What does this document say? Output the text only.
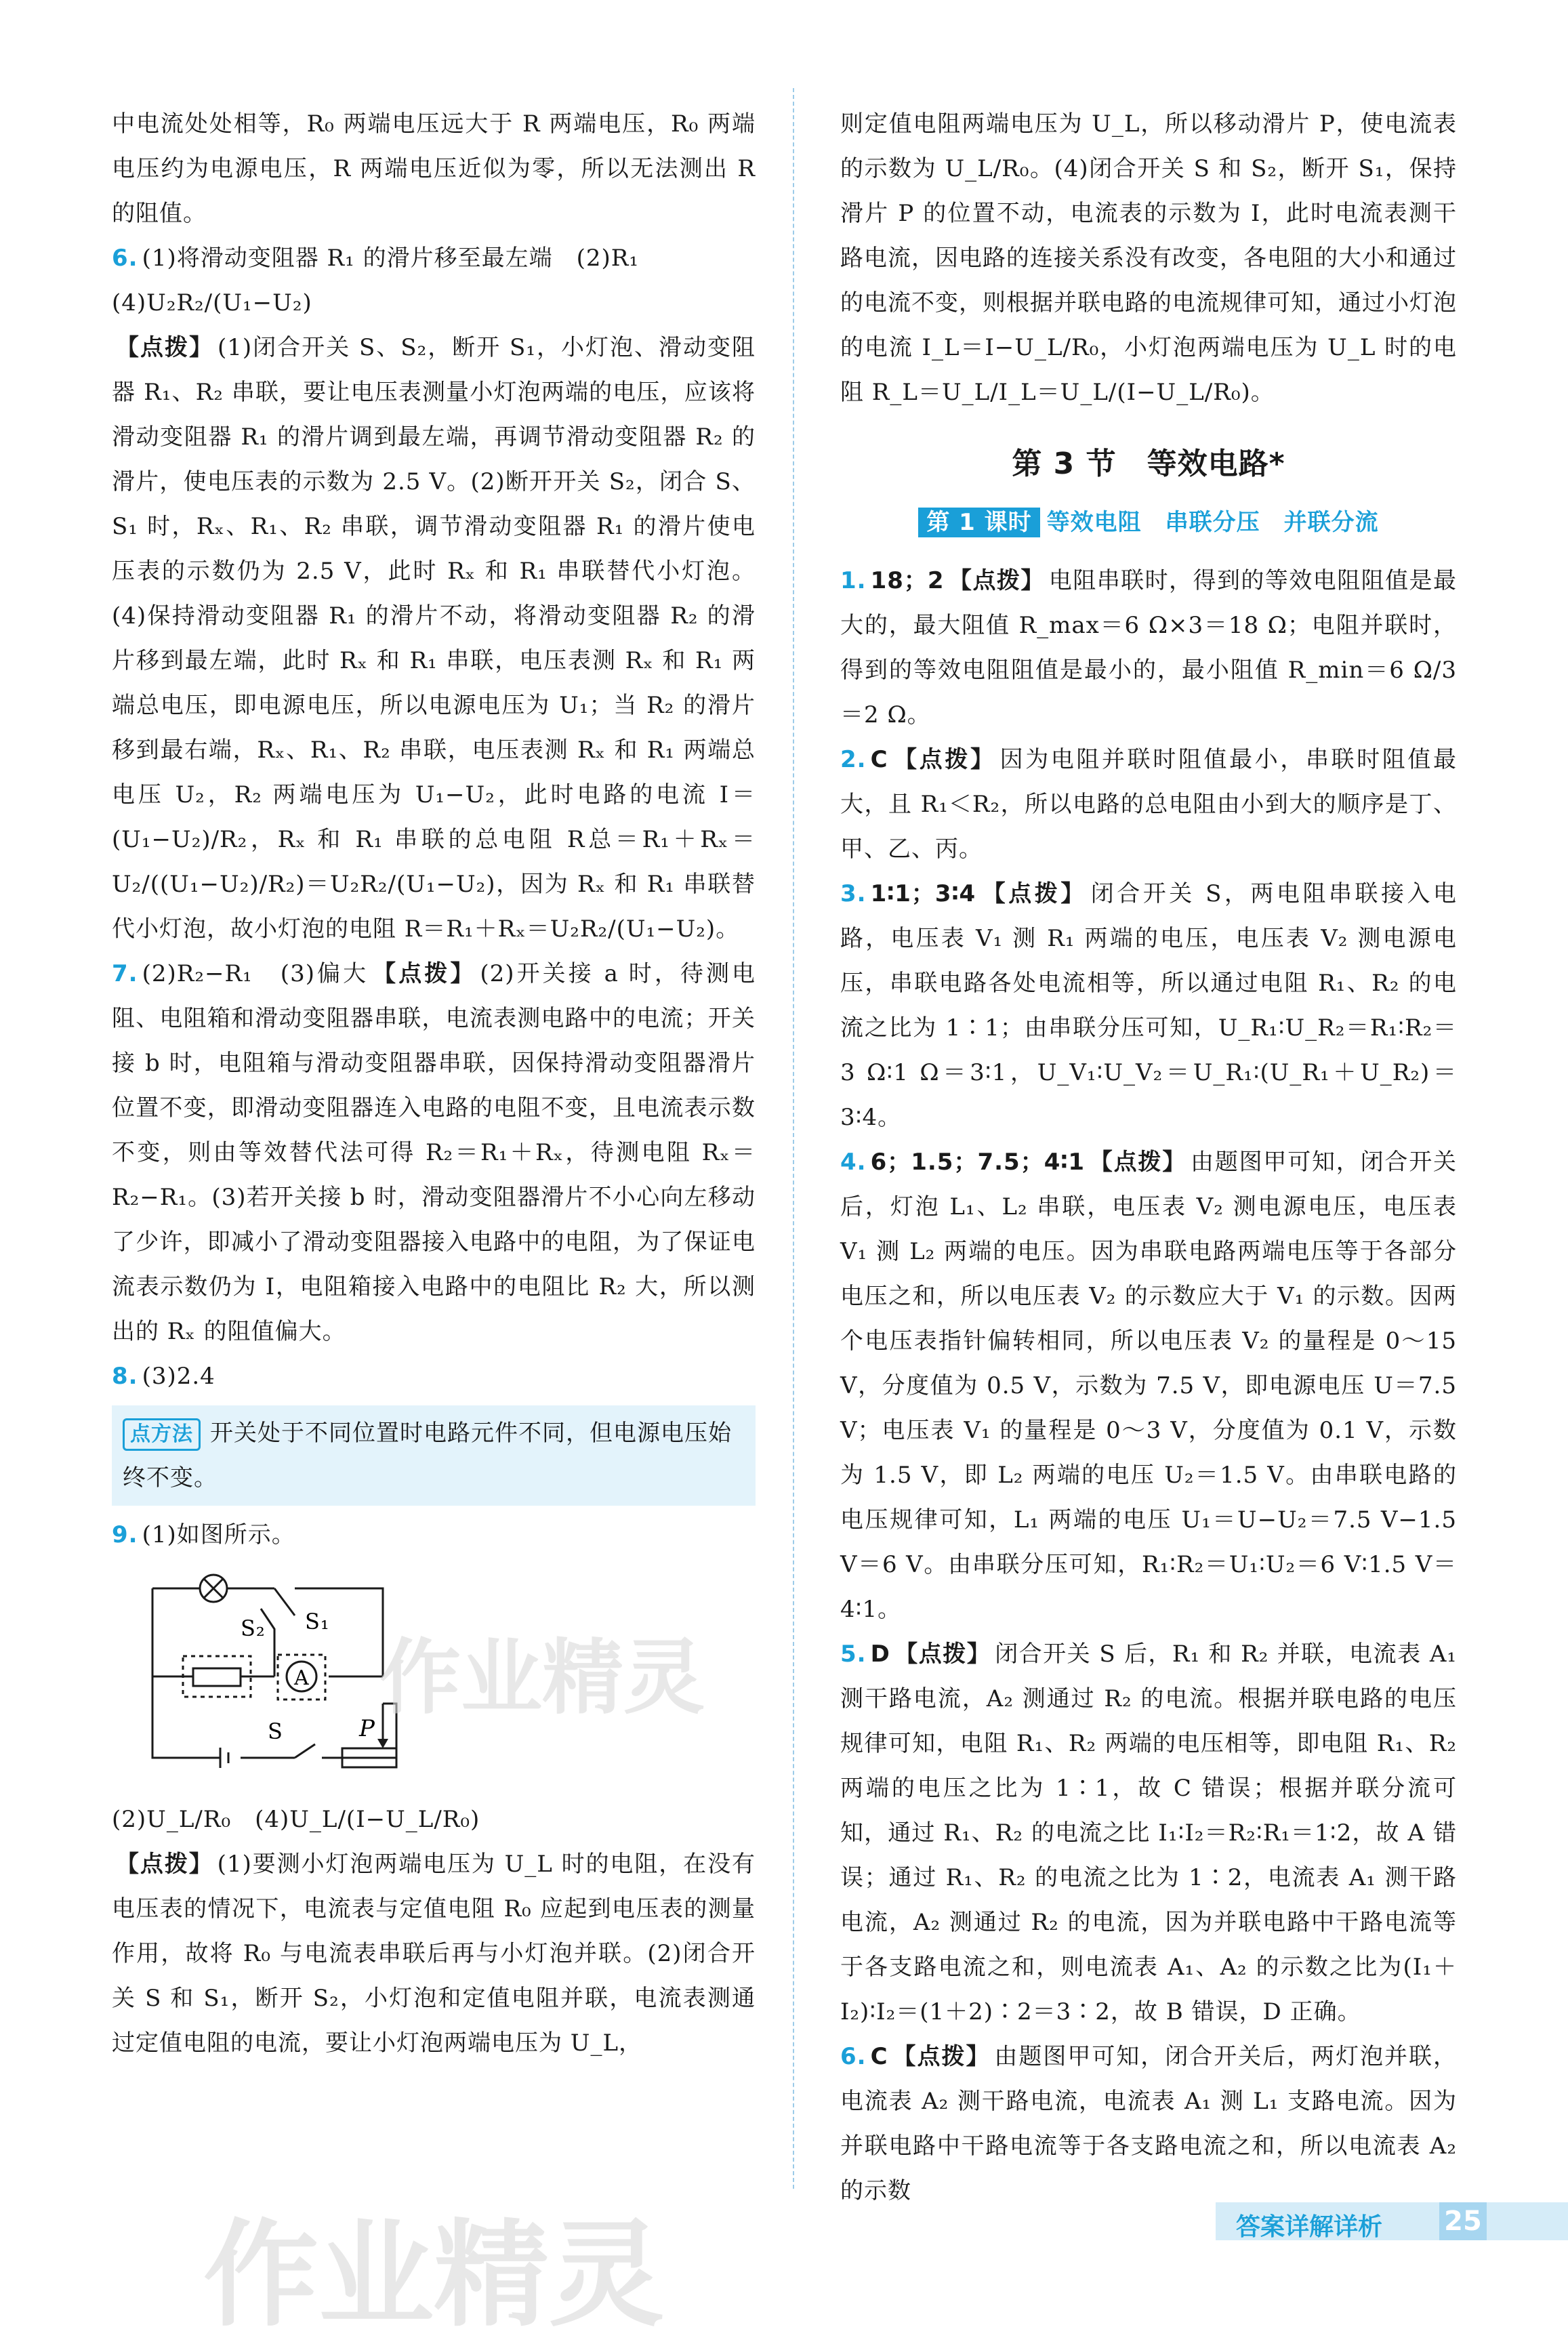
中电流处处相等，R₀ 两端电压远大于 R 两端电压，R₀ 两端电压约为电源电压，R 两端电压近似为零，所以无法测出 R 的阻值。

6. (1)将滑动变阻器 R₁ 的滑片移至最左端　(2)R₁

(4)U₂R₂/(U₁−U₂)

【点拨】 (1)闭合开关 S、S₂，断开 S₁，小灯泡、滑动变阻器 R₁、R₂ 串联，要让电压表测量小灯泡两端的电压，应该将滑动变阻器 R₁ 的滑片调到最左端，再调节滑动变阻器 R₂ 的滑片，使电压表的示数为 2.5 V。(2)断开开关 S₂，闭合 S、S₁ 时，Rₓ、R₁、R₂ 串联，调节滑动变阻器 R₁ 的滑片使电压表的示数仍为 2.5 V，此时 Rₓ 和 R₁ 串联替代小灯泡。(4)保持滑动变阻器 R₁ 的滑片不动，将滑动变阻器 R₂ 的滑片移到最左端，此时 Rₓ 和 R₁ 串联，电压表测 Rₓ 和 R₁ 两端总电压，即电源电压，所以电源电压为 U₁；当 R₂ 的滑片移到最右端，Rₓ、R₁、R₂ 串联，电压表测 Rₓ 和 R₁ 两端总电压 U₂，R₂ 两端电压为 U₁−U₂，此时电路的电流 I＝(U₁−U₂)/R₂，Rₓ 和 R₁ 串联的总电阻 R总＝R₁＋Rₓ＝U₂/((U₁−U₂)/R₂)＝U₂R₂/(U₁−U₂)，因为 Rₓ 和 R₁ 串联替代小灯泡，故小灯泡的电阻 R＝R₁＋Rₓ＝U₂R₂/(U₁−U₂)。

7. (2)R₂−R₁　(3)偏大 【点拨】 (2)开关接 a 时，待测电阻、电阻箱和滑动变阻器串联，电流表测电路中的电流；开关接 b 时，电阻箱与滑动变阻器串联，因保持滑动变阻器滑片位置不变，即滑动变阻器连入电路的电阻不变，且电流表示数不变，则由等效替代法可得 R₂＝R₁＋Rₓ，待测电阻 Rₓ＝R₂−R₁。(3)若开关接 b 时，滑动变阻器滑片不小心向左移动了少许，即减小了滑动变阻器接入电路中的电阻，为了保证电流表示数仍为 I，电阻箱接入电路中的电阻比 R₂ 大，所以测出的 Rₓ 的阻值偏大。

8. (3)2.4

点方法 开关处于不同位置时电路元件不同，但电源电压始终不变。

9. (1)如图所示。

S₂ S₁
S	P
A

(2)U_L/R₀　(4)U_L/(I−U_L/R₀)

【点拨】 (1)要测小灯泡两端电压为 U_L 时的电阻，在没有电压表的情况下，电流表与定值电阻 R₀ 应起到电压表的测量作用，故将 R₀ 与电流表串联后再与小灯泡并联。(2)闭合开关 S 和 S₁，断开 S₂，小灯泡和定值电阻并联，电流表测通过定值电阻的电流，要让小灯泡两端电压为 U_L，

则定值电阻两端电压为 U_L，所以移动滑片 P，使电流表的示数为 U_L/R₀。(4)闭合开关 S 和 S₂，断开 S₁，保持滑片 P 的位置不动，电流表的示数为 I，此时电流表测干路电流，因电路的连接关系没有改变，各电阻的大小和通过的电流不变，则根据并联电路的电流规律可知，通过小灯泡的电流 I_L＝I−U_L/R₀，小灯泡两端电压为 U_L 时的电阻 R_L＝U_L/I_L＝U_L/(I−U_L/R₀)。

第 3 节　等效电路*
第 1 课时 等效电阻　串联分压　并联分流

1. 18；2 【点拨】 电阻串联时，得到的等效电阻阻值是最大的，最大阻值 R_max＝6 Ω×3＝18 Ω；电阻并联时，得到的等效电阻阻值是最小的，最小阻值 R_min＝6 Ω/3＝2 Ω。

2. C 【点拨】 因为电阻并联时阻值最小，串联时阻值最大，且 R₁＜R₂，所以电路的总电阻由小到大的顺序是丁、甲、乙、丙。

3. 1∶1；3∶4 【点拨】 闭合开关 S，两电阻串联接入电路，电压表 V₁ 测 R₁ 两端的电压，电压表 V₂ 测电源电压，串联电路各处电流相等，所以通过电阻 R₁、R₂ 的电流之比为 1∶1；由串联分压可知，U_R₁∶U_R₂＝R₁∶R₂＝3 Ω∶1 Ω＝3∶1，U_V₁∶U_V₂＝U_R₁∶(U_R₁＋U_R₂)＝3∶4。

4. 6；1.5；7.5；4∶1 【点拨】 由题图甲可知，闭合开关后，灯泡 L₁、L₂ 串联，电压表 V₂ 测电源电压，电压表 V₁ 测 L₂ 两端的电压。因为串联电路两端电压等于各部分电压之和，所以电压表 V₂ 的示数应大于 V₁ 的示数。因两个电压表指针偏转相同，所以电压表 V₂ 的量程是 0～15 V，分度值为 0.5 V，示数为 7.5 V，即电源电压 U＝7.5 V；电压表 V₁ 的量程是 0～3 V，分度值为 0.1 V，示数为 1.5 V，即 L₂ 两端的电压 U₂＝1.5 V。由串联电路的电压规律可知，L₁ 两端的电压 U₁＝U−U₂＝7.5 V−1.5 V＝6 V。由串联分压可知，R₁∶R₂＝U₁∶U₂＝6 V∶1.5 V＝4∶1。

5. D 【点拨】 闭合开关 S 后，R₁ 和 R₂ 并联，电流表 A₁ 测干路电流，A₂ 测通过 R₂ 的电流。根据并联电路的电压规律可知，电阻 R₁、R₂ 两端的电压相等，即电阻 R₁、R₂ 两端的电压之比为 1∶1，故 C 错误；根据并联分流可知，通过 R₁、R₂ 的电流之比 I₁∶I₂＝R₂∶R₁＝1∶2，故 A 错误；通过 R₁、R₂ 的电流之比为 1∶2，电流表 A₁ 测干路电流，A₂ 测通过 R₂ 的电流，因为并联电路中干路电流等于各支路电流之和，则电流表 A₁、A₂ 的示数之比为(I₁＋I₂)∶I₂＝(1＋2)∶2＝3∶2，故 B 错误，D 正确。

6. C 【点拨】 由题图甲可知，闭合开关后，两灯泡并联，电流表 A₂ 测干路电流，电流表 A₁ 测 L₁ 支路电流。因为并联电路中干路电流等于各支路电流之和，所以电流表 A₂ 的示数

作业精灵
作业精灵	答案详解详析 25
